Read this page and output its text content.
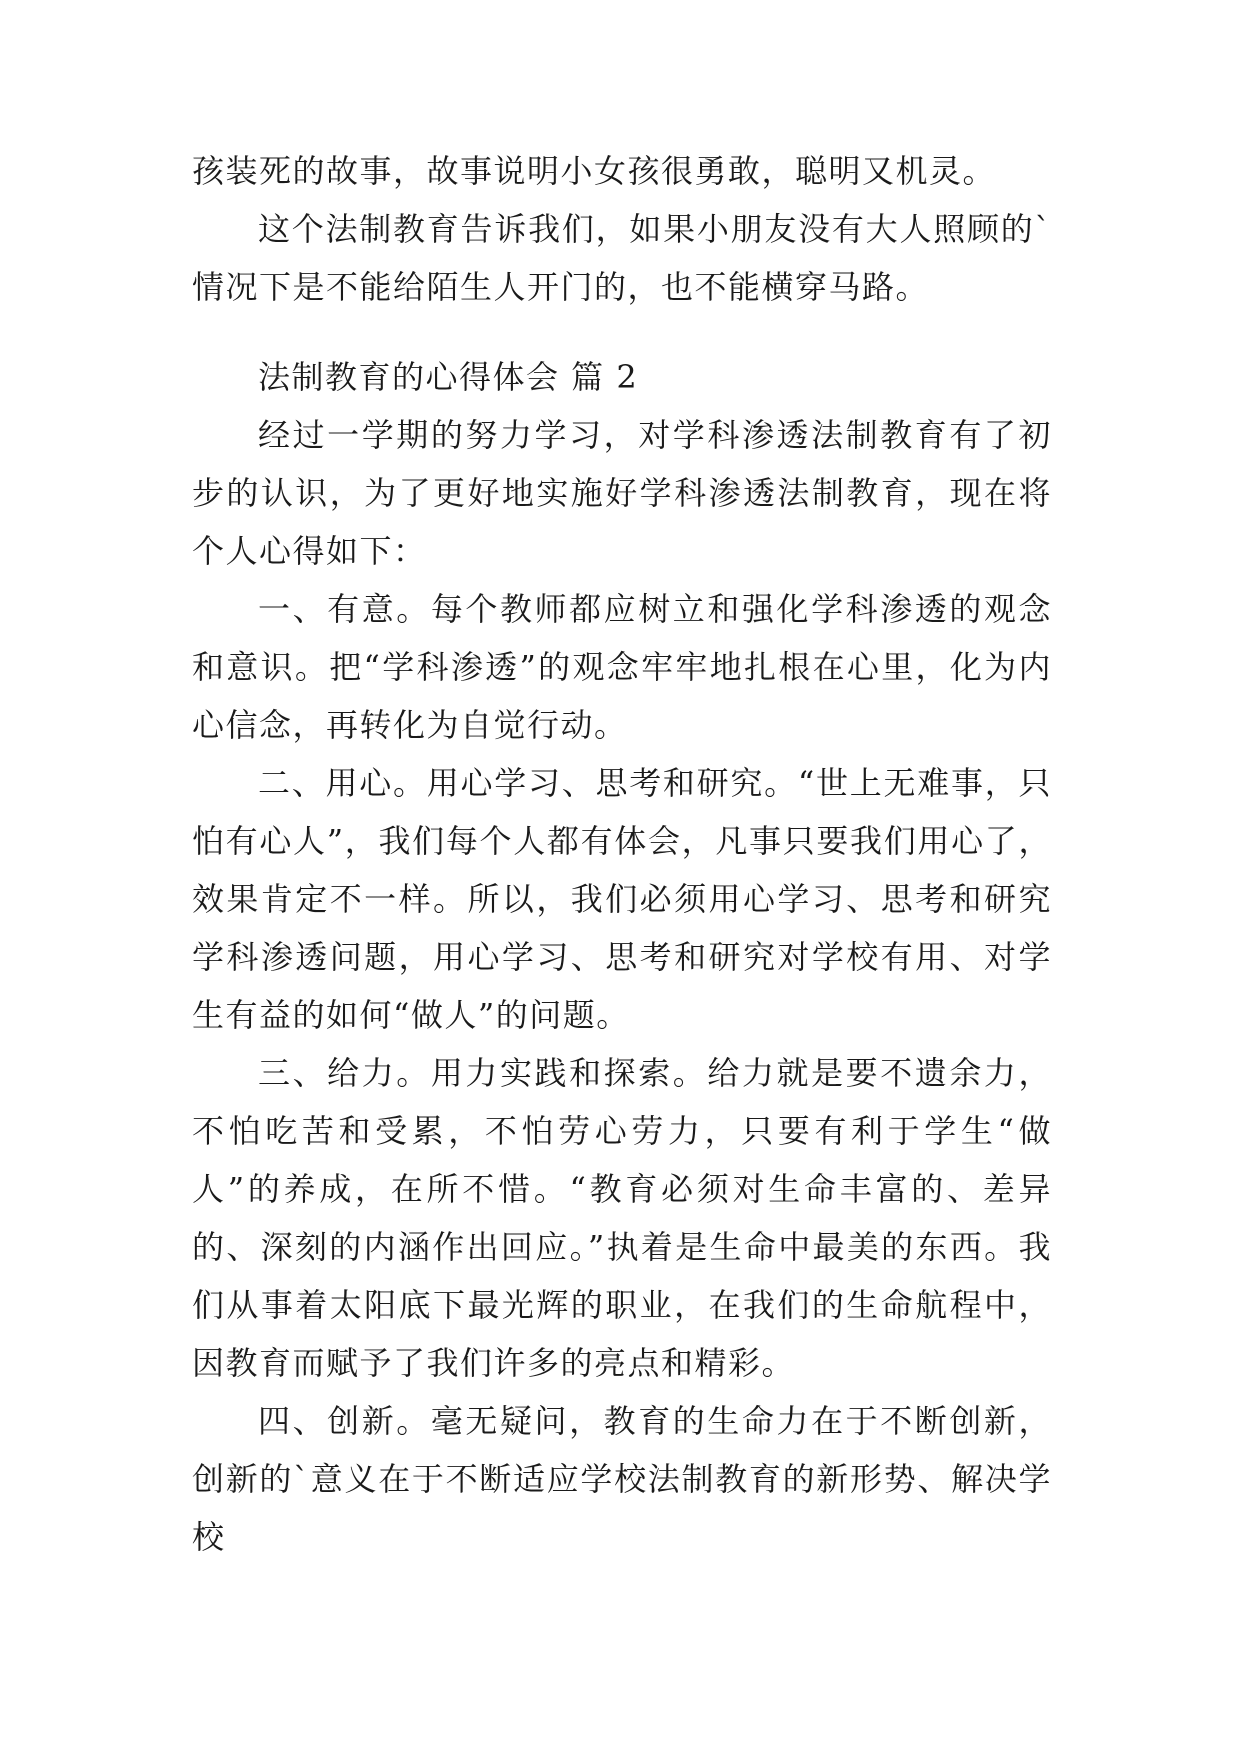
孩装死的故事，故事说明小女孩很勇敢，聪明又机灵。

这个法制教育告诉我们，如果小朋友没有大人照顾的`情况下是不能给陌生人开门的，也不能横穿马路。

法制教育的心得体会 篇 2

经过一学期的努力学习，对学科渗透法制教育有了初步的认识，为了更好地实施好学科渗透法制教育，现在将个人心得如下：

一、有意。每个教师都应树立和强化学科渗透的观念和意识。把“学科渗透”的观念牢牢地扎根在心里，化为内心信念，再转化为自觉行动。

二、用心。用心学习、思考和研究。“世上无难事，只怕有心人”，我们每个人都有体会，凡事只要我们用心了，效果肯定不一样。所以，我们必须用心学习、思考和研究学科渗透问题，用心学习、思考和研究对学校有用、对学生有益的如何“做人”的问题。

三、给力。用力实践和探索。给力就是要不遗余力，不怕吃苦和受累，不怕劳心劳力，只要有利于学生“做人”的养成，在所不惜。“教育必须对生命丰富的、差异的、深刻的内涵作出回应。”执着是生命中最美的东西。我们从事着太阳底下最光辉的职业，在我们的生命航程中，因教育而赋予了我们许多的亮点和精彩。

四、创新。毫无疑问，教育的生命力在于不断创新，创新的`意义在于不断适应学校法制教育的新形势、解决学校
